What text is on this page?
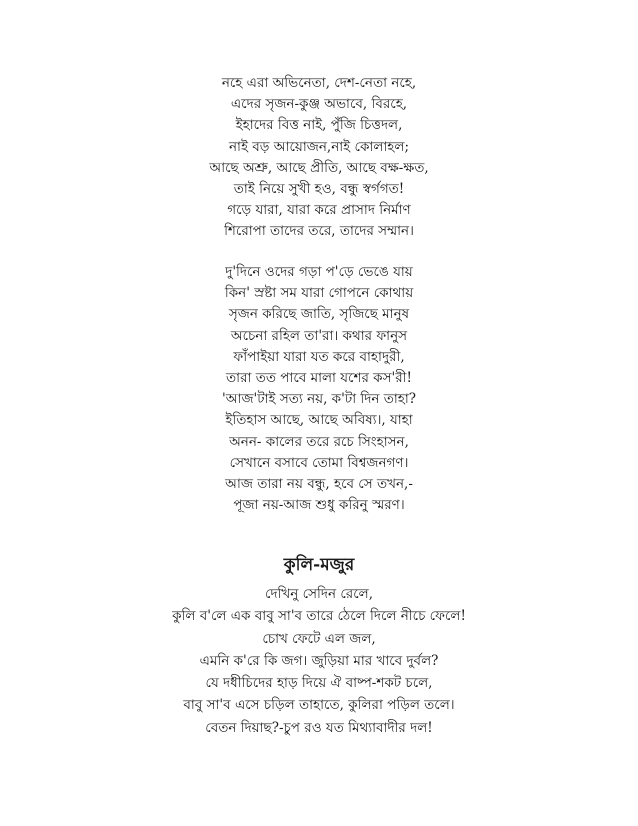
নহে এরা অভিনেতা, দেশ-নেতা নহে,
এদের সৃজন-কুঞ্জ অভাবে, বিরহে,
ইহাদের বিত্ত নাই, পুঁজি চিত্তদল,
নাই বড় আয়োজন,নাই কোলাহল;
আছে অশ্রু, আছে প্রীতি, আছে বক্ষ-ক্ষত,
তাই নিয়ে সুখী হও, বন্ধু স্বর্গগত!
গড়ে যারা, যারা করে প্রাসাদ নির্মাণ
শিরোপা তাদের তরে, তাদের সম্মান।
দু'দিনে ওদের গড়া প'ড়ে ভেঙে যায়
কিন' স্রষ্টা সম যারা গোপনে কোথায়
সৃজন করিছে জাতি, সৃজিছে মানুষ
অচেনা রহিল তা'রা। কথার ফানুস
ফাঁপাইয়া যারা যত করে বাহাদুরী,
তারা তত পাবে মালা যশের কস'রী!
'আজ'টাই সত্য নয়, ক'টা দিন তাহা?
ইতিহাস আছে, আছে অবিষ্য।, যাহা
অনন- কালের তরে রচে সিংহাসন,
সেখানে বসাবে তোমা বিশ্বজনগণ।
আজ তারা নয় বন্ধু, হবে সে তখন,-
পূজা নয়-আজ শুধু করিনু স্মরণ।
কুলি-মজুর
দেখিনু সেদিন রেলে,
কুলি ব'লে এক বাবু সা'ব তারে ঠেলে দিলে নীচে ফেলে!
চোখ ফেটে এল জল,
এমনি ক'রে কি জগ। জুড়িয়া মার খাবে দুর্বল?
যে দধীচিদের হাড় দিয়ে ঐ বাষ্প-শকট চলে,
বাবু সা'ব এসে চড়িল তাহাতে, কুলিরা পড়িল তলে।
বেতন দিয়াছ?-চুপ রও যত মিথ্যাবাদীর দল!
